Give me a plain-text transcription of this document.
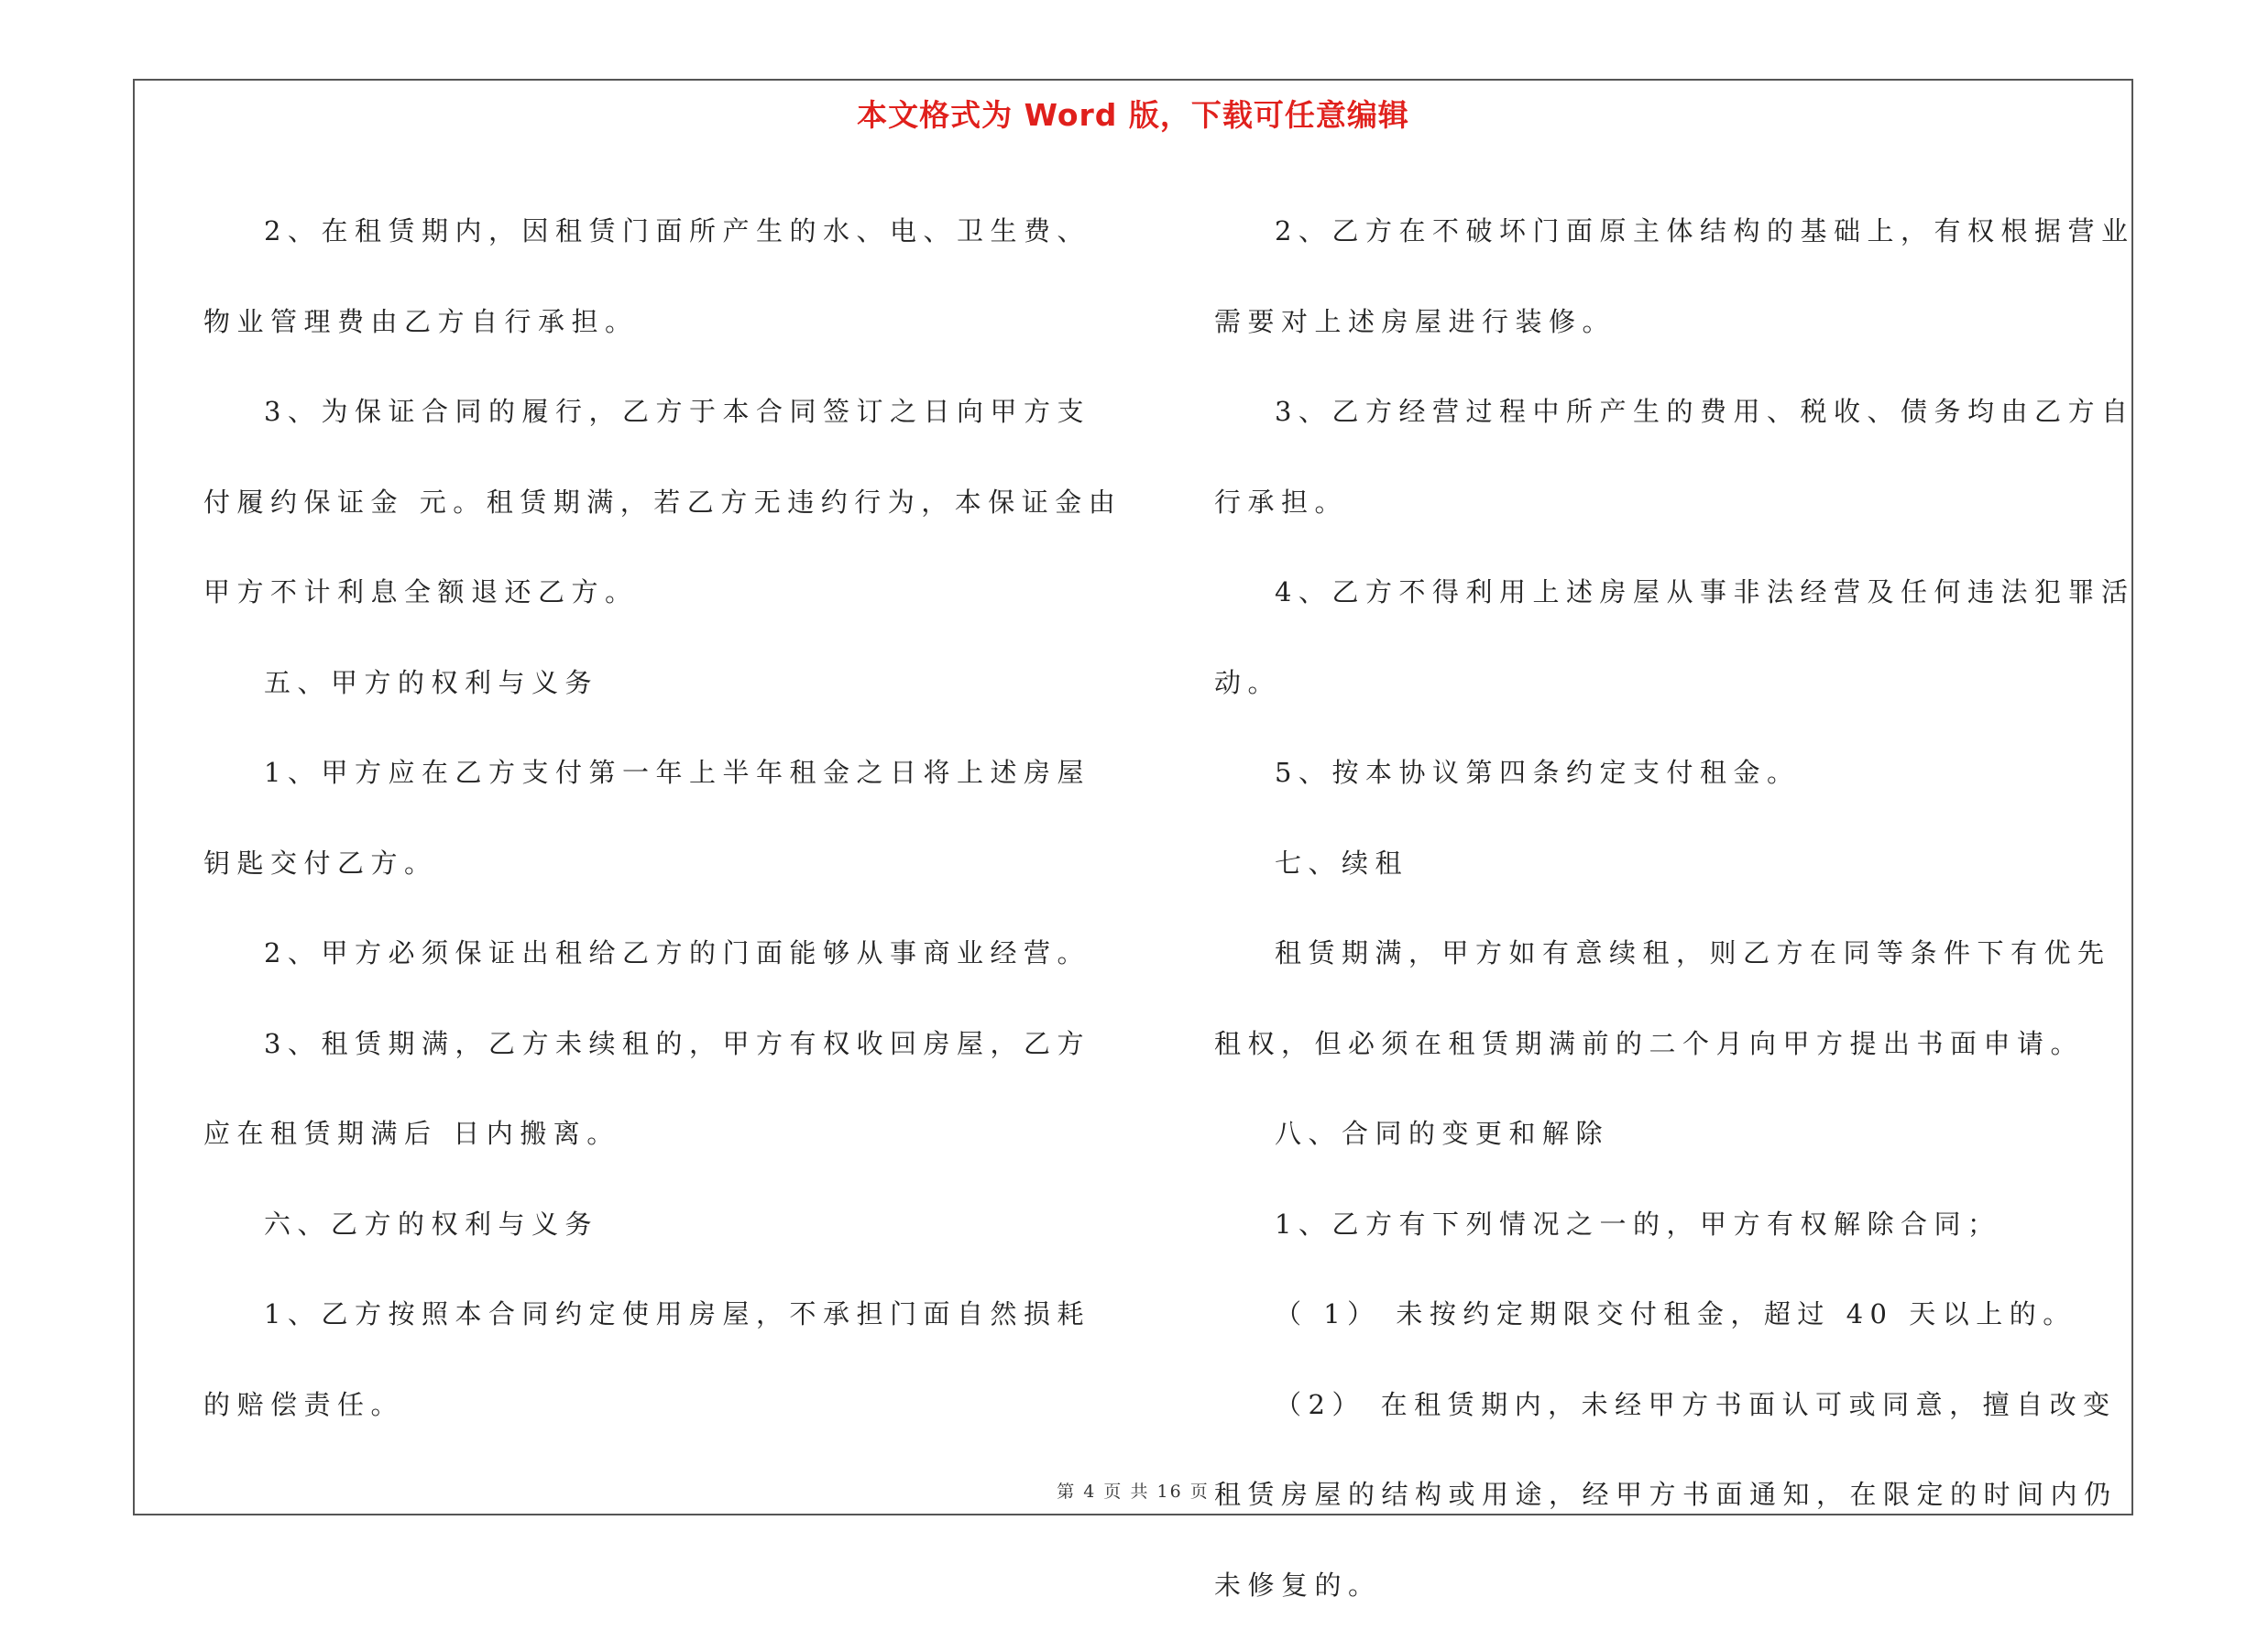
本文格式为 Word 版，下载可任意编辑

2、在租赁期内，因租赁门面所产生的水、电、卫生费、物业管理费由乙方自行承担。

3、为保证合同的履行，乙方于本合同签订之日向甲方支付履约保证金 元。租赁期满，若乙方无违约行为，本保证金由甲方不计利息全额退还乙方。

五、甲方的权利与义务

1、甲方应在乙方支付第一年上半年租金之日将上述房屋钥匙交付乙方。

2、甲方必须保证出租给乙方的门面能够从事商业经营。

3、租赁期满，乙方未续租的，甲方有权收回房屋，乙方应在租赁期满后 日内搬离。

六、乙方的权利与义务

1、乙方按照本合同约定使用房屋，不承担门面自然损耗的赔偿责任。

2、乙方在不破坏门面原主体结构的基础上，有权根据营业需要对上述房屋进行装修。

3、乙方经营过程中所产生的费用、税收、债务均由乙方自行承担。

4、乙方不得利用上述房屋从事非法经营及任何违法犯罪活动。

5、按本协议第四条约定支付租金。

七、续租

租赁期满，甲方如有意续租，则乙方在同等条件下有优先租权，但必须在租赁期满前的二个月向甲方提出书面申请。

八、合同的变更和解除

1、乙方有下列情况之一的，甲方有权解除合同；

（ 1） 未按约定期限交付租金，超过 40 天以上的。

（2） 在租赁期内，未经甲方书面认可或同意，擅自改变租赁房屋的结构或用途，经甲方书面通知，在限定的时间内仍未修复的。

第 4 页 共 16 页
